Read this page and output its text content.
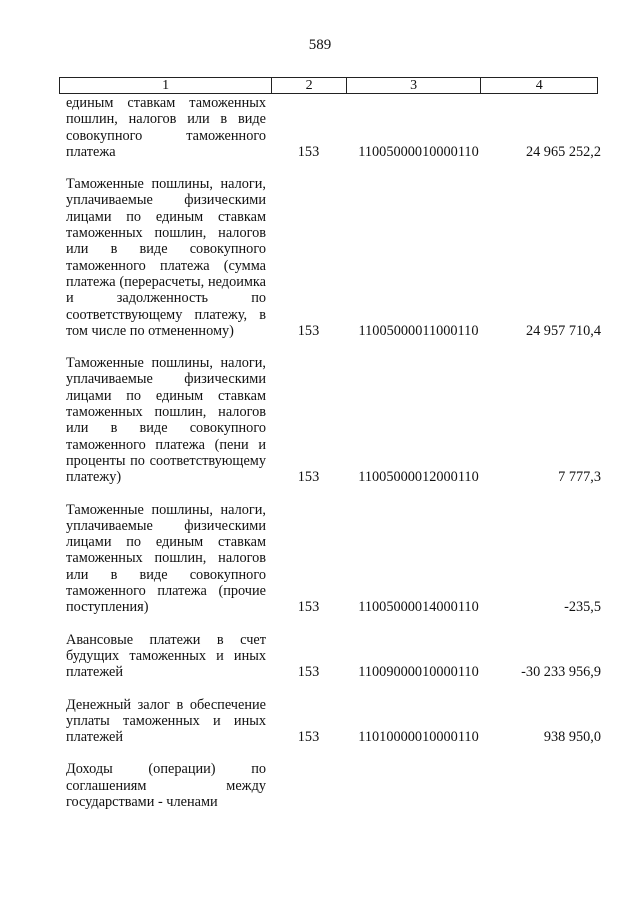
589
1	2	3	4
единым ставкам таможенных пошлин, налогов или в виде совокупного таможенного платежа	153	11005000010000110	24 965 252,2
Таможенные пошлины, налоги, уплачиваемые физическими лицами по единым ставкам таможенных пошлин, налогов или в виде совокупного таможенного платежа (сумма платежа (перерасчеты, недоимка и задолженность по соответствующему платежу, в том числе по отмененному)	153	11005000011000110	24 957 710,4
Таможенные пошлины, налоги, уплачиваемые физическими лицами по единым ставкам таможенных пошлин, налогов или в виде совокупного таможенного платежа (пени и проценты по соответствующему платежу)	153	11005000012000110	7 777,3
Таможенные пошлины, налоги, уплачиваемые физическими лицами по единым ставкам таможенных пошлин, налогов или в виде совокупного таможенного платежа (прочие поступления)	153	11005000014000110	-235,5
Авансовые платежи в счет будущих таможенных и иных платежей	153	11009000010000110	-30 233 956,9
Денежный залог в обеспечение уплаты таможенных и иных платежей	153	11010000010000110	938 950,0
Доходы (операции) по соглашениям между государствами - членами
